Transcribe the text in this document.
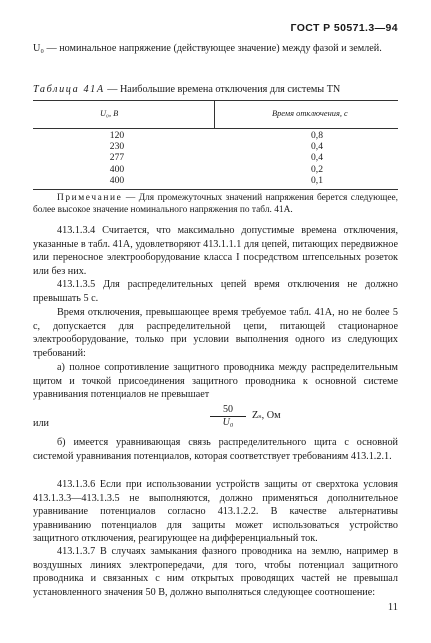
ГОСТ Р 50571.3—94
U₀ — номинальное напряжение (действующее значение) между фазой и землей.
Таблица 41А — Наибольшие времена отключения для системы TN
U₀, В	Время отключения, с
120
230
277
400
400
0,8
0,4
0,4
0,2
0,1
Примечание — Для промежуточных значений напряжения берется следующее, более высокое значение номинального напряжения по табл. 41А.
413.1.3.4 Считается, что максимально допустимые времена отключения, указанные в табл. 41А, удовлетворяют 413.1.1.1 для цепей, питающих передвижное или переносное электрооборудование класса I посредством штепсельных розеток или без них.
413.1.3.5 Для распределительных цепей время отключения не должно превышать 5 с.
Время отключения, превышающее время требуемое табл. 41А, но не более 5 с, допускается для распределительной цепи, питающей стационарное электрооборудование, только при условии выполнения одного из следующих требований:
а) полное сопротивление защитного проводника между распределительным щитом и точкой присоединения защитного проводника к основной системе уравнивания потенциалов не превышает
$\frac{50}{\text{U₀}} Z_s$, Ом
или
б) имеется уравнивающая связь распределительного щита с основной системой уравнивания потенциалов, которая соответствует требованиям 413.1.2.1.
413.1.3.6 Если при использовании устройств защиты от сверхтока условия 413.1.3.3—413.1.3.5 не выполняются, должно применяться дополнительное уравнивание потенциалов согласно 413.1.2.2. В качестве альтернативы уравниванию потенциалов для защиты может использоваться устройство защитного отключения, реагирующее на дифференциальный ток.
413.1.3.7 В случаях замыкания фазного проводника на землю, например в воздушных линиях электропередачи, для того, чтобы потенциал защитного проводника и связанных с ним открытых проводящих частей не превышал установленного значения 50 В, должно выполняться следующее соотношение:
11
